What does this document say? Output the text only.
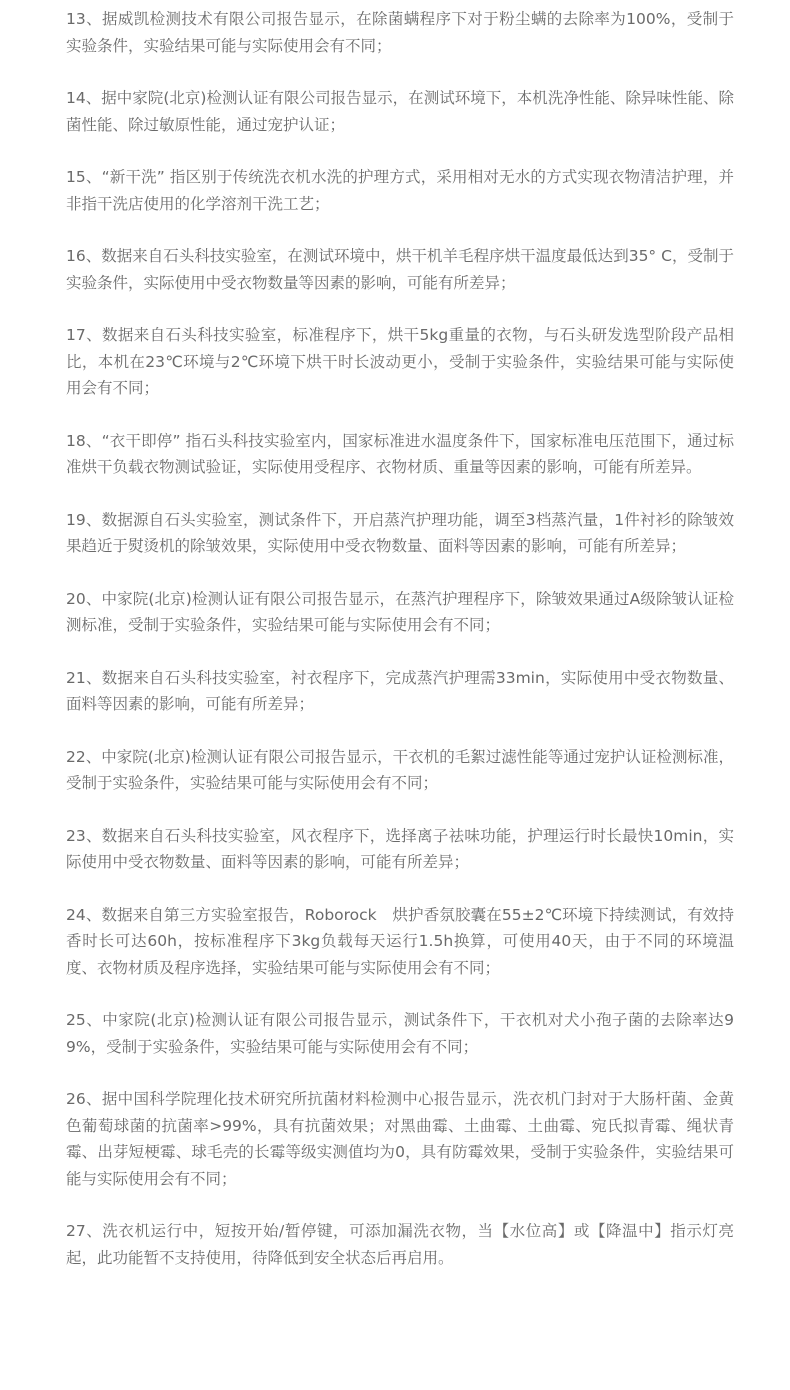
13、据威凯检测技术有限公司报告显示，在除菌螨程序下对于粉尘螨的去除率为100%，受制于实验条件，实验结果可能与实际使用会有不同；

14、据中家院(北京)检测认证有限公司报告显示，在测试环境下，本机洗净性能、除异味性能、除菌性能、除过敏原性能，通过宠护认证；

15、“新干洗” 指区别于传统洗衣机水洗的护理方式，采用相对无水的方式实现衣物清洁护理，并非指干洗店使用的化学溶剂干洗工艺；

16、数据来自石头科技实验室，在测试环境中，烘干机羊毛程序烘干温度最低达到35° C，受制于实验条件，实际使用中受衣物数量等因素的影响，可能有所差异；

17、数据来自石头科技实验室，标准程序下，烘干5kg重量的衣物，与石头研发选型阶段产品相比，本机在23℃环境与2℃环境下烘干时长波动更小，受制于实验条件，实验结果可能与实际使用会有不同；

18、“衣干即停” 指石头科技实验室内，国家标准进水温度条件下，国家标准电压范围下，通过标准烘干负载衣物测试验证，实际使用受程序、衣物材质、重量等因素的影响，可能有所差异。

19、数据源自石头实验室，测试条件下，开启蒸汽护理功能，调至3档蒸汽量，1件衬衫的除皱效果趋近于熨烫机的除皱效果，实际使用中受衣物数量、面料等因素的影响，可能有所差异；

20、中家院(北京)检测认证有限公司报告显示，在蒸汽护理程序下，除皱效果通过A级除皱认证检测标准，受制于实验条件，实验结果可能与实际使用会有不同；

21、数据来自石头科技实验室，衬衣程序下，完成蒸汽护理需33min，实际使用中受衣物数量、面料等因素的影响，可能有所差异；

22、中家院(北京)检测认证有限公司报告显示，干衣机的毛絮过滤性能等通过宠护认证检测标准，受制于实验条件，实验结果可能与实际使用会有不同；

23、数据来自石头科技实验室，风衣程序下，选择离子祛味功能，护理运行时长最快10min，实际使用中受衣物数量、面料等因素的影响，可能有所差异；

24、数据来自第三方实验室报告，Roborock　烘护香氛胶囊在55±2℃环境下持续测试，有效持香时长可达60h，按标准程序下3kg负载每天运行1.5h换算，可使用40天，由于不同的环境温度、衣物材质及程序选择，实验结果可能与实际使用会有不同；

25、中家院(北京)检测认证有限公司报告显示，测试条件下，干衣机对犬小孢子菌的去除率达99%，受制于实验条件，实验结果可能与实际使用会有不同；

26、据中国科学院理化技术研究所抗菌材料检测中心报告显示，洗衣机门封对于大肠杆菌、金黄色葡萄球菌的抗菌率>99%，具有抗菌效果；对黑曲霉、土曲霉、土曲霉、宛氏拟青霉、绳状青霉、出芽短梗霉、球毛壳的长霉等级实测值均为0，具有防霉效果，受制于实验条件，实验结果可能与实际使用会有不同；

27、洗衣机运行中，短按开始/暂停键，可添加漏洗衣物，当【水位高】或【降温中】指示灯亮起，此功能暂不支持使用，待降低到安全状态后再启用。
